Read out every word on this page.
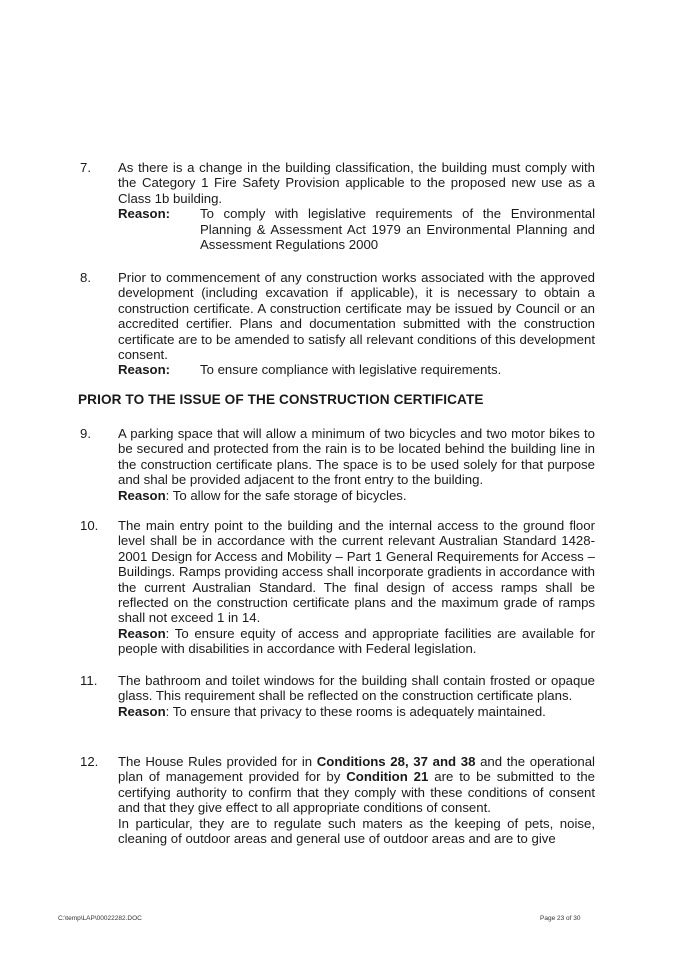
7.	As there is a change in the building classification, the building must comply with the Category 1 Fire Safety Provision applicable to the proposed new use as a Class 1b building.

Reason:	To comply with legislative requirements of the Environmental Planning & Assessment Act 1979 an Environmental Planning and Assessment Regulations 2000
8.	Prior to commencement of any construction works associated with the approved development (including excavation if applicable), it is necessary to obtain a construction certificate. A construction certificate may be issued by Council or an accredited certifier. Plans and documentation submitted with the construction certificate are to be amended to satisfy all relevant conditions of this development consent.

Reason:	To ensure compliance with legislative requirements.
PRIOR TO THE ISSUE OF THE CONSTRUCTION CERTIFICATE
9.	A parking space that will allow a minimum of two bicycles and two motor bikes to be secured and protected from the rain is to be located behind the building line in the construction certificate plans. The space is to be used solely for that purpose and shal be provided adjacent to the front entry to the building.

Reason: To allow for the safe storage of bicycles.

10.	The main entry point to the building and the internal access to the ground floor level shall be in accordance with the current relevant Australian Standard 1428-2001 Design for Access and Mobility – Part 1 General Requirements for Access – Buildings. Ramps providing access shall incorporate gradients in accordance with the current Australian Standard. The final design of access ramps shall be reflected on the construction certificate plans and the maximum grade of ramps shall not exceed 1 in 14.

Reason: To ensure equity of access and appropriate facilities are available for people with disabilities in accordance with Federal legislation.

11.	The bathroom and toilet windows for the building shall contain frosted or opaque glass. This requirement shall be reflected on the construction certificate plans.

Reason: To ensure that privacy to these rooms is adequately maintained.

12.	The House Rules provided for in Conditions 28, 37 and 38 and the operational plan of management provided for by Condition 21 are to be submitted to the certifying authority to confirm that they comply with these conditions of consent and that they give effect to all appropriate conditions of consent.

In particular, they are to regulate such maters as the keeping of pets, noise, cleaning of outdoor areas and general use of outdoor areas and are to give

C:\temp\LAP\00022282.DOC	Page 23 of 30
